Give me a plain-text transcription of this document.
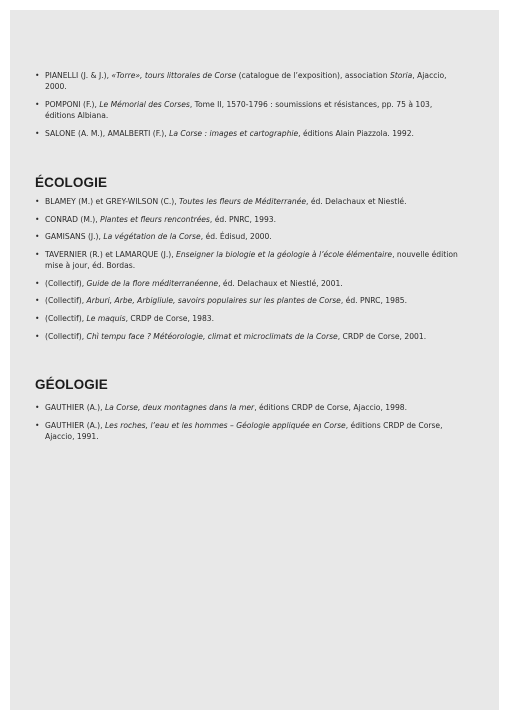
• PIANELLI (J. & J.), «Torre», tours littorales de Corse (catalogue de l’exposition), association Storia, Ajaccio, 2000.
• POMPONI (F.), Le Mémorial des Corses, Tome II, 1570-1796 : soumissions et résistances, pp. 75 à 103, éditions Albiana.
• SALONE (A. M.), AMALBERTI (F.), La Corse : images et cartographie, éditions Alain Piazzola. 1992.
ÉCOLOGIE
• BLAMEY (M.) et GREY-WILSON (C.), Toutes les fleurs de Méditerranée, éd. Delachaux et Niestlé.
• CONRAD (M.), Plantes et fleurs rencontrées, éd. PNRC, 1993.
• GAMISANS (J.), La végétation de la Corse, éd. Édisud, 2000.
• TAVERNIER (R.) et LAMARQUE (J.), Enseigner la biologie et la géologie à l’école élémentaire, nouvelle édition mise à jour, éd. Bordas.
• (Collectif), Guide de la flore méditerranéenne, éd. Delachaux et Niestlé, 2001.
• (Collectif), Arburi, Arbe, Arbigliule, savoirs populaires sur les plantes de Corse, éd. PNRC, 1985.
• (Collectif), Le maquis, CRDP de Corse, 1983.
• (Collectif), Chì tempu face ? Météorologie, climat et microclimats de la Corse, CRDP de Corse, 2001.
GÉOLOGIE
• GAUTHIER (A.), La Corse, deux montagnes dans la mer, éditions CRDP de Corse, Ajaccio, 1998.
• GAUTHIER (A.), Les roches, l’eau et les hommes – Géologie appliquée en Corse, éditions CRDP de Corse, Ajaccio, 1991.
